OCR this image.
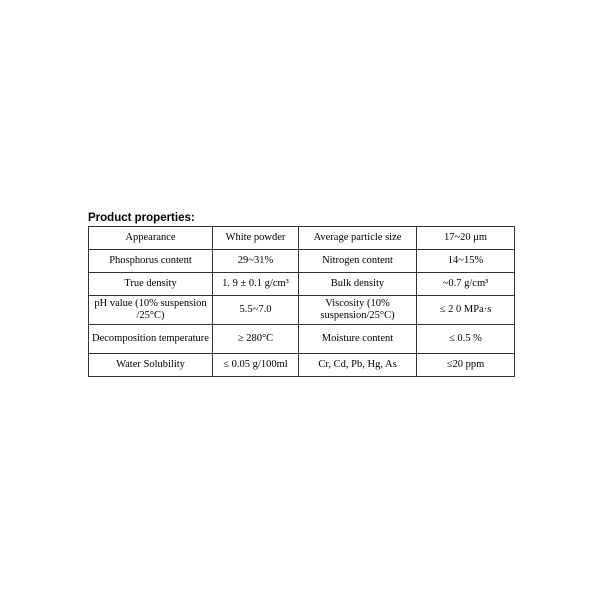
Product properties:

Appearance	White powder	Average particle size	17~20 μm
Phosphorus content	29~31%	Nitrogen content	14~15%
True density	1. 9 ± 0.1 g/cm³	Bulk density	~0.7 g/cm³
pH value (10% suspension /25°C)	5.5~7.0	Viscosity (10% suspension/25°C)	≤ 2 0 MPa·s
Decomposition temperature	≥ 280°C	Moisture content	≤ 0.5 %
Water Solubility	≤ 0.05 g/100ml	Cr, Cd, Pb, Hg, As	≤20 ppm
